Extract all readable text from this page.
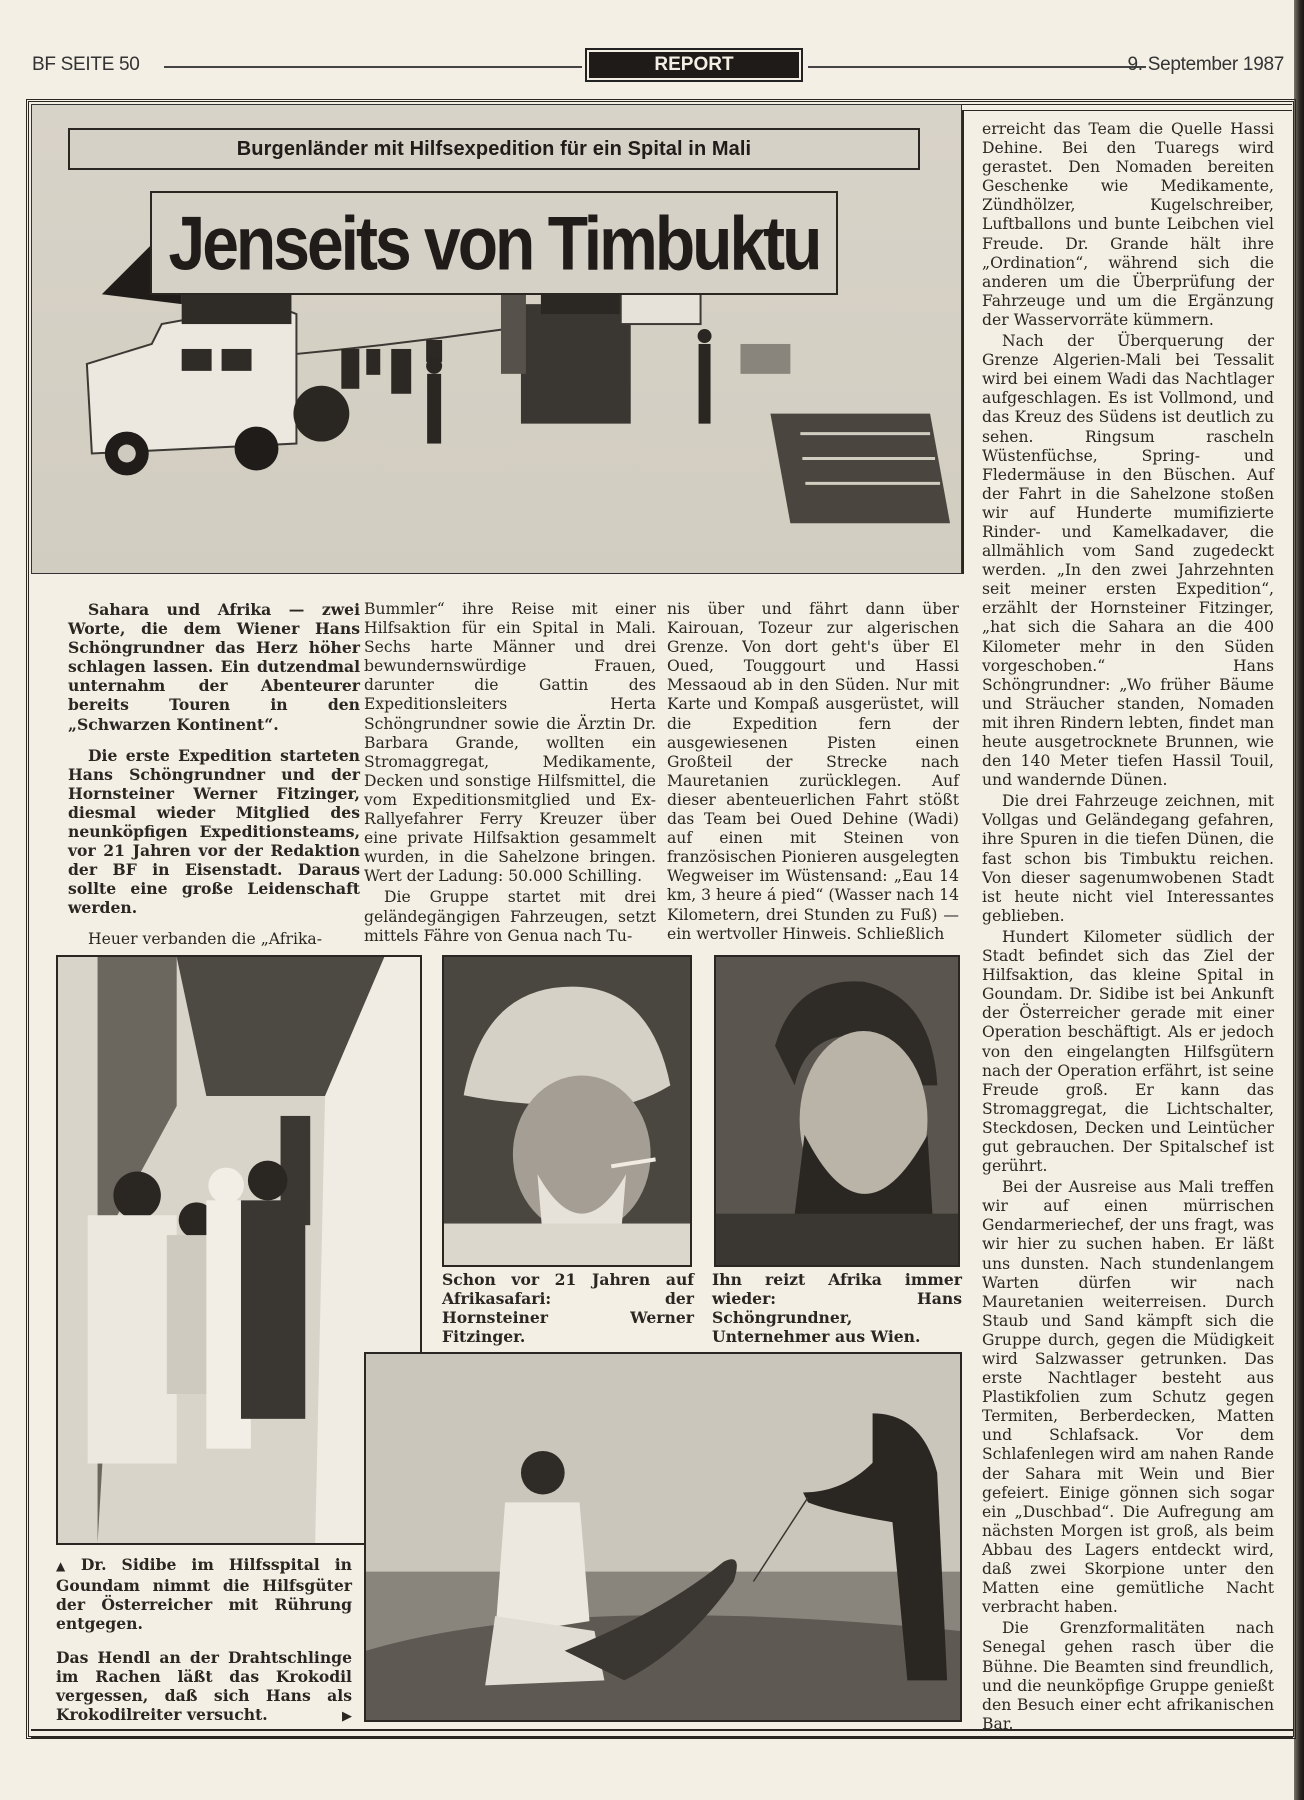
BF SEITE 50	REPORT	9. September 1987
Burgenländer mit Hilfsexpedition für ein Spital in Mali
Jenseits von Timbuktu

erreicht das Team die Quelle Hassi Dehine. Bei den Tuaregs wird gerastet. Den Nomaden bereiten Geschenke wie Medikamente, Zündhölzer, Kugelschreiber, Luftballons und bunte Leibchen viel Freude. Dr. Grande hält ihre „Ordination“, während sich die anderen um die Überprüfung der Fahrzeuge und um die Ergänzung der Wasservorräte kümmern.

Nach der Überquerung der Grenze Algerien-Mali bei Tessalit wird bei einem Wadi das Nachtlager aufgeschlagen. Es ist Vollmond, und das Kreuz des Südens ist deutlich zu sehen. Ringsum rascheln Wüstenfüchse, Spring- und Fledermäuse in den Büschen. Auf der Fahrt in die Sahelzone stoßen wir auf Hunderte mumifizierte Rinder- und Kamelkadaver, die allmählich vom Sand zugedeckt werden. „In den zwei Jahrzehnten seit meiner ersten Expedition“, erzählt der Hornsteiner Fitzinger, „hat sich die Sahara an die 400 Kilometer mehr in den Süden vorgeschoben.“ Hans Schöngrundner: „Wo früher Bäume und Sträucher standen, Nomaden mit ihren Rindern lebten, findet man heute ausgetrocknete Brunnen, wie den 140 Meter tiefen Hassil Touil, und wandernde Dünen.

Die drei Fahrzeuge zeichnen, mit Vollgas und Geländegang gefahren, ihre Spuren in die tiefen Dünen, die fast schon bis Timbuktu reichen. Von dieser sagenumwobenen Stadt ist heute nicht viel Interessantes geblieben.

Hundert Kilometer südlich der Stadt befindet sich das Ziel der Hilfsaktion, das kleine Spital in Goundam. Dr. Sidibe ist bei Ankunft der Österreicher gerade mit einer Operation beschäftigt. Als er jedoch von den eingelangten Hilfsgütern nach der Operation erfährt, ist seine Freude groß. Er kann das Stromaggregat, die Lichtschalter, Steckdosen, Decken und Leintücher gut gebrauchen. Der Spitalschef ist gerührt.

Bei der Ausreise aus Mali treffen wir auf einen mürrischen Gendarmeriechef, der uns fragt, was wir hier zu suchen haben. Er läßt uns dunsten. Nach stundenlangem Warten dürfen wir nach Mauretanien weiterreisen. Durch Staub und Sand kämpft sich die Gruppe durch, gegen die Müdigkeit wird Salzwasser getrunken. Das erste Nachtlager besteht aus Plastikfolien zum Schutz gegen Termiten, Berberdecken, Matten und Schlafsack. Vor dem Schlafenlegen wird am nahen Rande der Sahara mit Wein und Bier gefeiert. Einige gönnen sich sogar ein „Duschbad“. Die Aufregung am nächsten Morgen ist groß, als beim Abbau des Lagers entdeckt wird, daß zwei Skorpione unter den Matten eine gemütliche Nacht verbracht haben.

Die Grenzformalitäten nach Senegal gehen rasch über die Bühne. Die Beamten sind freundlich, und die neunköpfige Gruppe genießt den Besuch einer echt afrikanischen Bar.

Sahara und Afrika — zwei Worte, die dem Wiener Hans Schöngrundner das Herz höher schlagen lassen. Ein dutzendmal unternahm der Abenteurer bereits Touren in den „Schwarzen Kontinent“.

Die erste Expedition starteten Hans Schöngrundner und der Hornsteiner Werner Fitzinger, diesmal wieder Mitglied des neunköpfigen Expeditionsteams, vor 21 Jahren vor der Redaktion der BF in Eisenstadt. Daraus sollte eine große Leidenschaft werden.

Heuer verbanden die „Afrika-

Bummler“ ihre Reise mit einer Hilfsaktion für ein Spital in Mali. Sechs harte Männer und drei bewundernswürdige Frauen, darunter die Gattin des Expeditionsleiters Herta Schöngrundner sowie die Ärztin Dr. Barbara Grande, wollten ein Stromaggregat, Medikamente, Decken und sonstige Hilfsmittel, die vom Expeditionsmitglied und Ex-Rallyefahrer Ferry Kreuzer über eine private Hilfsaktion gesammelt wurden, in die Sahelzone bringen. Wert der Ladung: 50.000 Schilling.

Die Gruppe startet mit drei geländegängigen Fahrzeugen, setzt mittels Fähre von Genua nach Tu-

nis über und fährt dann über Kairouan, Tozeur zur algerischen Grenze. Von dort geht's über El Oued, Touggourt und Hassi Messaoud ab in den Süden. Nur mit Karte und Kompaß ausgerüstet, will die Expedition fern der ausgewiesenen Pisten einen Großteil der Strecke nach Mauretanien zurücklegen. Auf dieser abenteuerlichen Fahrt stößt das Team bei Oued Dehine (Wadi) auf einen mit Steinen von französischen Pionieren ausgelegten Wegweiser im Wüstensand: „Eau 14 km, 3 heure á pied“ (Wasser nach 14 Kilometern, drei Stunden zu Fuß) — ein wertvoller Hinweis. Schließlich

Schon vor 21 Jahren auf Afrikasafari: der Hornsteiner Werner Fitzinger.
Ihn reizt Afrika immer wieder: Hans Schöngrundner, Unternehmer aus Wien.
▲ Dr. Sidibe im Hilfsspital in Goundam nimmt die Hilfsgüter der Österreicher mit Rührung entgegen.
Das Hendl an der Drahtschlinge im Rachen läßt das Krokodil vergessen, daß sich Hans als Krokodilreiter versucht.	▶
